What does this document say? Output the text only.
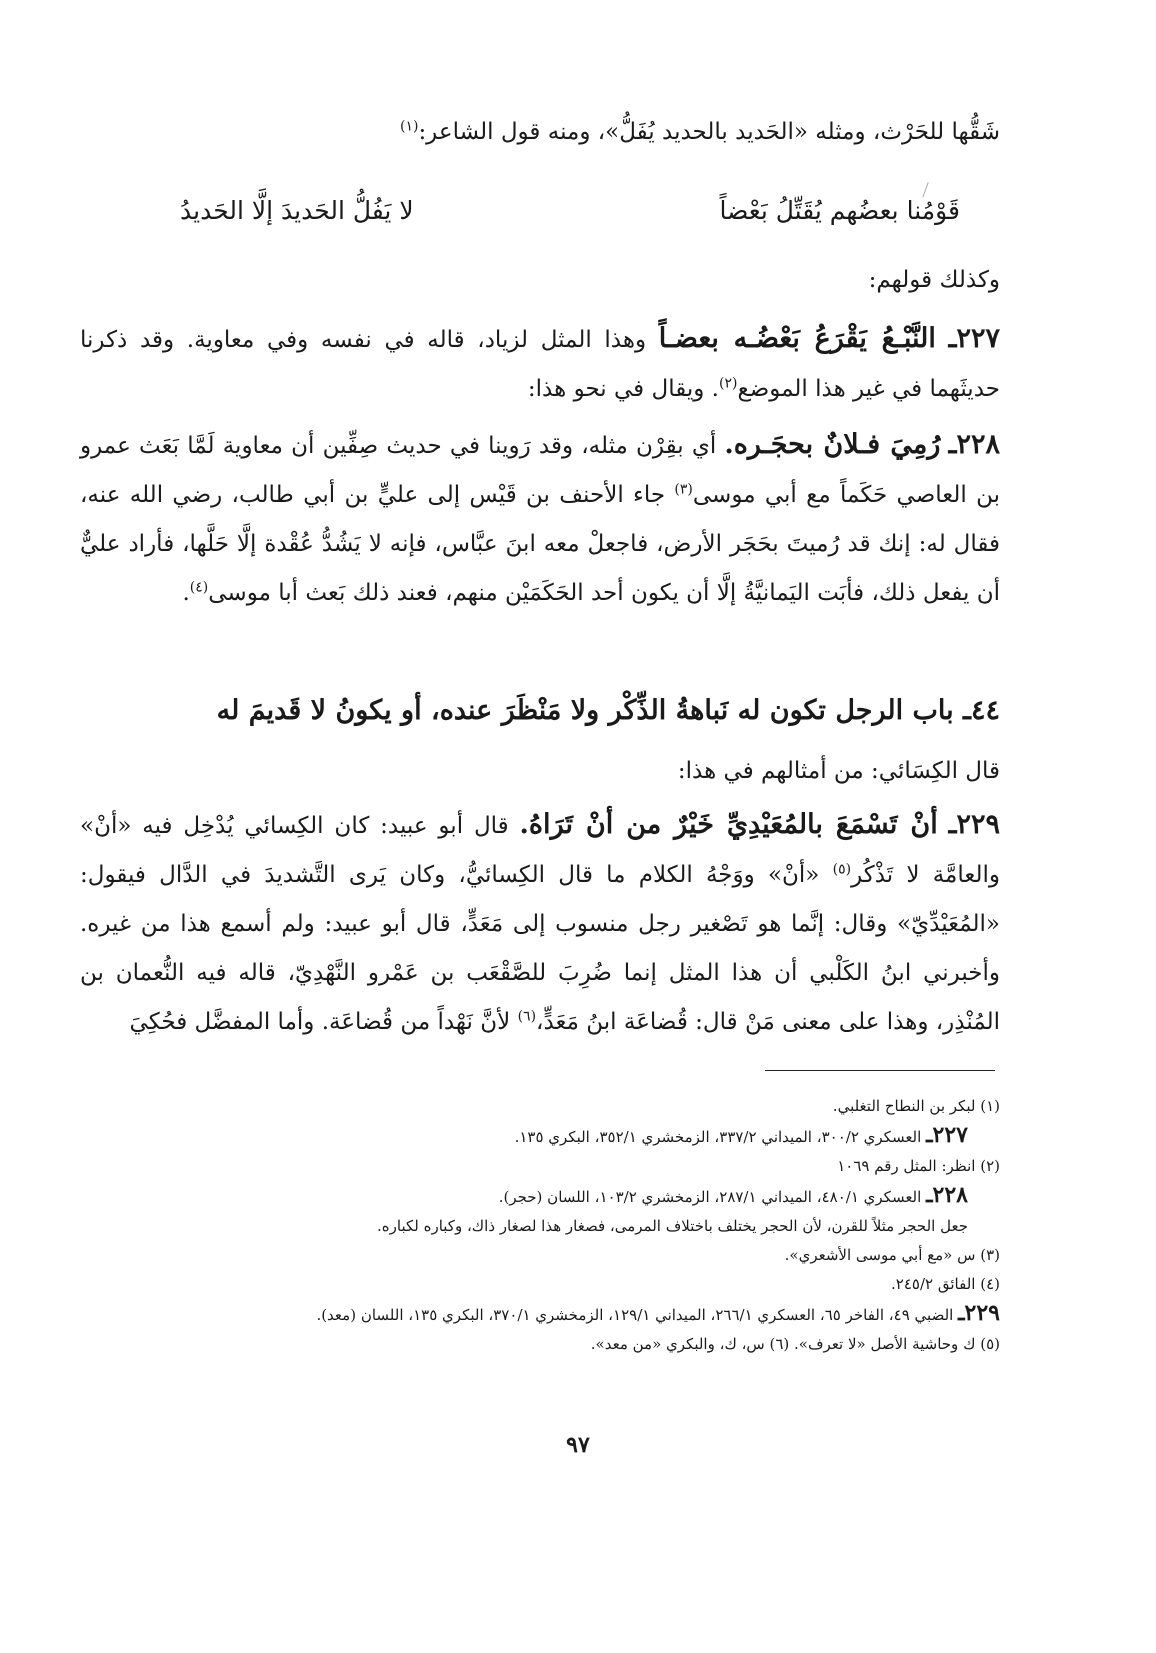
شَقُّها للحَرْث، ومثله «الحَديد بالحديد يُفَلُّ»، ومنه قول الشاعر:$^{(١)}$
قَوْمُنا بعضُهم يُقَتِّلُ بَعْضاً
لا يَفُلُّ الحَديدَ إلَّا الحَديدُ
وكذلك قولهم:
٢٢٧ـ النَّبْـعُ يَقْرَعُ بَعْضُـه بعضـاً وهذا المثل لزياد، قاله في نفسه وفي معاوية. وقد ذكرنا حديثَهما في غير هذا الموضع$^{(٢)}$. ويقال في نحو هذا:
٢٢٨ـ رُمِيَ فـلانٌ بحجَـره. أي بقِرْن مثله، وقد رَوينا في حديث صِفِّين أن معاوية لَمَّا بَعَث عمرو بن العاصي حَكَماً مع أبي موسى$^{(٣)}$ جاء الأحنف بن قَيْس إلى عليٍّ بن أبي طالب، رضي الله عنه، فقال له: إنك قد رُميتَ بحَجَر الأرض، فاجعلْ معه ابنَ عبَّاس، فإنه لا يَشُدُّ عُقْدة إلَّا حَلَّها، فأراد عليٌّ أن يفعل ذلك، فأبَت اليَمانيَّةُ إلَّا أن يكون أحد الحَكَمَيْن منهم، فعند ذلك بَعث أبا موسى$^{(٤)}$.
٤٤ـ باب الرجل تكون له نَباهةُ الذِّكْر ولا مَنْظَرَ عنده، أو يكونُ لا قَديمَ له
قال الكِسَائي: من أمثالهم في هذا:
٢٢٩ـ أنْ تَسْمَعَ بالمُعَيْدِيِّ خَيْرٌ من أنْ تَرَاهُ. قال أبو عبيد: كان الكِسائي يُدْخِل فيه «أنْ» والعامَّة لا تَذْكُر$^{(٥)}$ «أنْ» ووَجْهُ الكلام ما قال الكِسائيُّ، وكان يَرى التَّشديدَ في الدَّال فيقول: «المُعَيْدِّيّ» وقال: إنَّما هو تَصْغير رجل منسوب إلى مَعَدٍّ، قال أبو عبيد: ولم أسمع هذا من غيره. وأخبرني ابنُ الكَلْبي أن هذا المثل إنما ضُرِبَ للصَّقْعَب بن عَمْرو النَّهْدِيّ، قاله فيه النُّعمان بن المُنْذِر، وهذا على معنى مَنْ قال: قُضاعَة ابنُ مَعَدٍّ،$^{(٦)}$ لأنَّ نَهْداً من قُضاعَة. وأما المفضَّل فحُكِيَ
(١) لبكر بن النطاح التغلبي.
٢٢٧ـ العسكري ٣٠٠/٢، الميداني ٣٣٧/٢، الزمخشري ٣٥٢/١، البكري ١٣٥.
(٢) انظر: المثل رقم ١٠٦٩
٢٢٨ـ العسكري ٤٨٠/١، الميداني ٢٨٧/١، الزمخشري ١٠٣/٢، اللسان (حجر).
جعل الحجر مثلاً للقرن، لأن الحجر يختلف باختلاف المرمى، فصغار هذا لصغار ذاك، وكباره لكباره.
(٣) س «مع أبي موسى الأشعري».
(٤) الفائق ٢٤٥/٢.
٢٢٩ـ الضبي ٤٩، الفاخر ٦٥، العسكري ٢٦٦/١، الميداني ١٢٩/١، الزمخشري ٣٧٠/١، البكري ١٣٥، اللسان (معد).
(٥) ك وحاشية الأصل «لا تعرف». (٦) س، ك، والبكري «من معد».
٩٧
